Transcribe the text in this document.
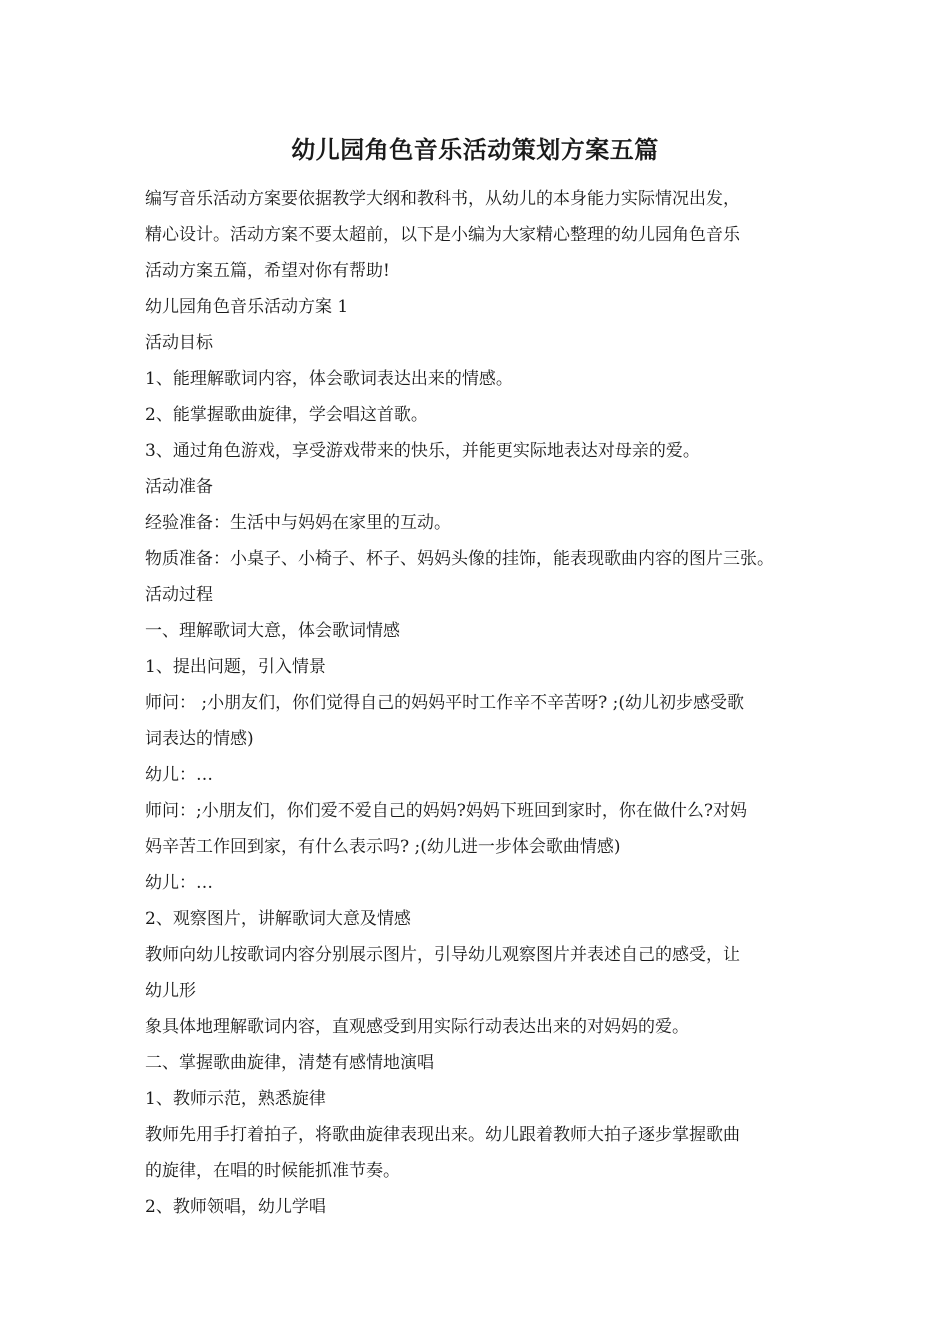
幼儿园角色音乐活动策划方案五篇
编写音乐活动方案要依据教学大纲和教科书，从幼儿的本身能力实际情况出发，
精心设计。活动方案不要太超前，以下是小编为大家精心整理的幼儿园角色音乐
活动方案五篇，希望对你有帮助!
幼儿园角色音乐活动方案 1
活动目标
1、能理解歌词内容，体会歌词表达出来的情感。
2、能掌握歌曲旋律，学会唱这首歌。
3、通过角色游戏，享受游戏带来的快乐，并能更实际地表达对母亲的爱。
活动准备
经验准备：生活中与妈妈在家里的互动。
物质准备：小桌子、小椅子、杯子、妈妈头像的挂饰，能表现歌曲内容的图片三张。
活动过程
一、理解歌词大意，体会歌词情感
1、提出问题，引入情景
师问： ;小朋友们，你们觉得自己的妈妈平时工作辛不辛苦呀? ;(幼儿初步感受歌
词表达的情感)
幼儿：…
师问：;小朋友们，你们爱不爱自己的妈妈?妈妈下班回到家时，你在做什么?对妈
妈辛苦工作回到家，有什么表示吗? ;(幼儿进一步体会歌曲情感)
幼儿：…
2、观察图片，讲解歌词大意及情感
教师向幼儿按歌词内容分别展示图片，引导幼儿观察图片并表述自己的感受，让
幼儿形
象具体地理解歌词内容，直观感受到用实际行动表达出来的对妈妈的爱。
二、掌握歌曲旋律，清楚有感情地演唱
1、教师示范，熟悉旋律
教师先用手打着拍子，将歌曲旋律表现出来。幼儿跟着教师大拍子逐步掌握歌曲
的旋律，在唱的时候能抓准节奏。
2、教师领唱，幼儿学唱
